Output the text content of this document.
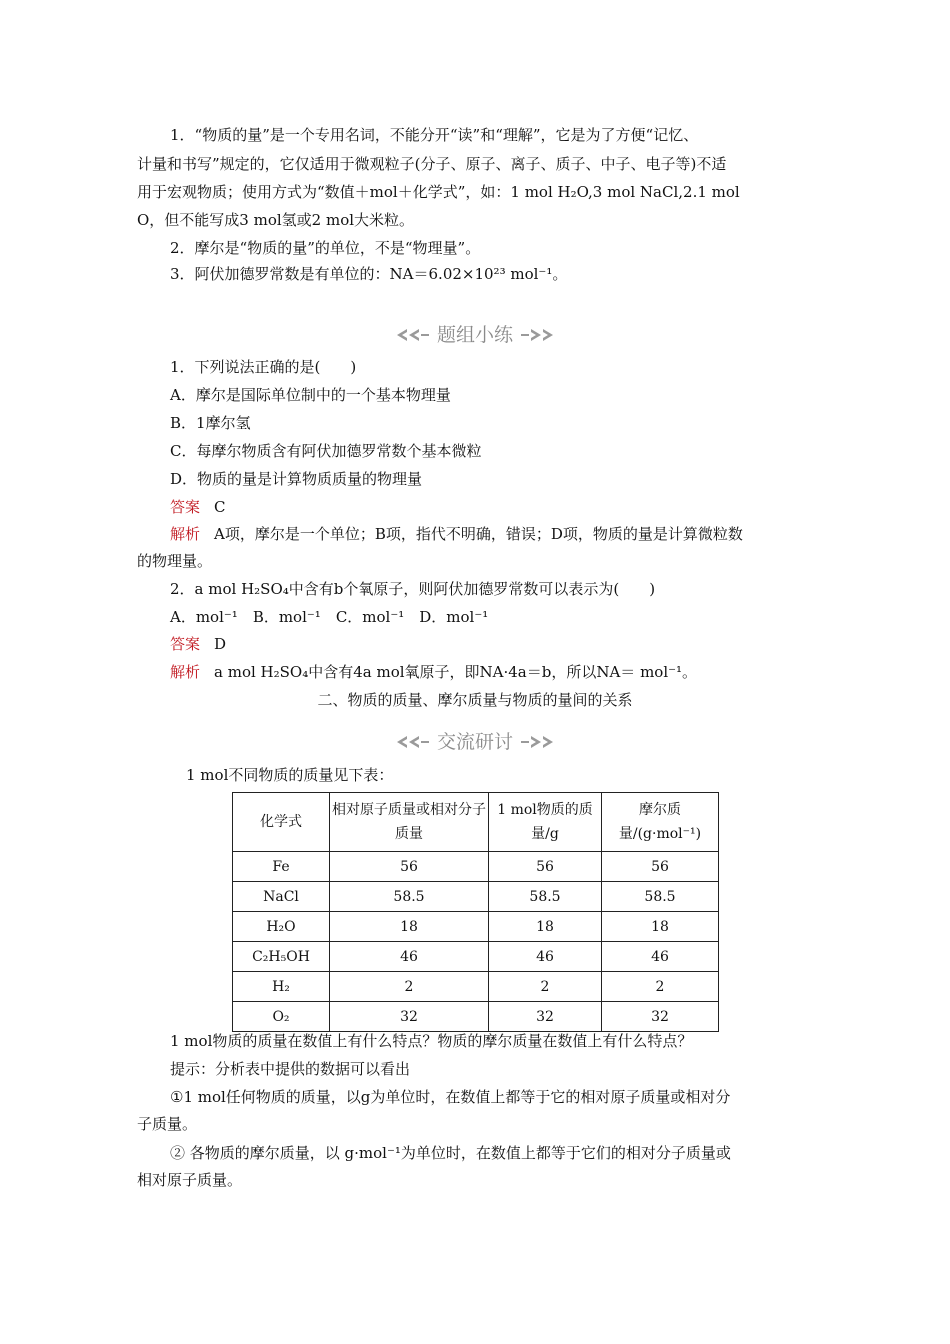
1．“物质的量”是一个专用名词，不能分开“读”和“理解”，它是为了方便“记忆、
计量和书写”规定的，它仅适用于微观粒子(分子、原子、离子、质子、中子、电子等)不适
用于宏观物质；使用方式为“数值＋mol＋化学式”，如：1 mol H₂O,3 mol NaCl,2.1 mol
O，但不能写成3 mol氢或2 mol大米粒。
2．摩尔是“物质的量”的单位，不是“物理量”。
3．阿伏加德罗常数是有单位的：NA＝6.02×10²³ mol⁻¹。
题组小练
1．下列说法正确的是(　　)
A．摩尔是国际单位制中的一个基本物理量
B．1摩尔氢
C．每摩尔物质含有阿伏加德罗常数个基本微粒
D．物质的量是计算物质质量的物理量
答案 C
解析 A项，摩尔是一个单位；B项，指代不明确，错误；D项，物质的量是计算微粒数
的物理量。
2．a mol H₂SO₄中含有b个氧原子，则阿伏加德罗常数可以表示为(　　)
A．mol⁻¹　B．mol⁻¹　C．mol⁻¹　D．mol⁻¹
答案 D
解析 a mol H₂SO₄中含有4a mol氧原子，即NA·4a＝b，所以NA＝ mol⁻¹。
二、物质的质量、摩尔质量与物质的量间的关系
交流研讨
1 mol不同物质的质量见下表：
化学式	相对原子质量或相对分子质量	1 mol物质的质量/g	摩尔质量/(g·mol⁻¹)
Fe	56	56	56
NaCl	58.5	58.5	58.5
H₂O	18	18	18
C₂H₅OH	46	46	46
H₂	2	2	2
O₂	32	32	32
1 mol物质的质量在数值上有什么特点？物质的摩尔质量在数值上有什么特点？
提示：分析表中提供的数据可以看出
①1 mol任何物质的质量，以g为单位时，在数值上都等于它的相对原子质量或相对分
子质量。
② 各物质的摩尔质量，以 g·mol⁻¹为单位时，在数值上都等于它们的相对分子质量或
相对原子质量。
